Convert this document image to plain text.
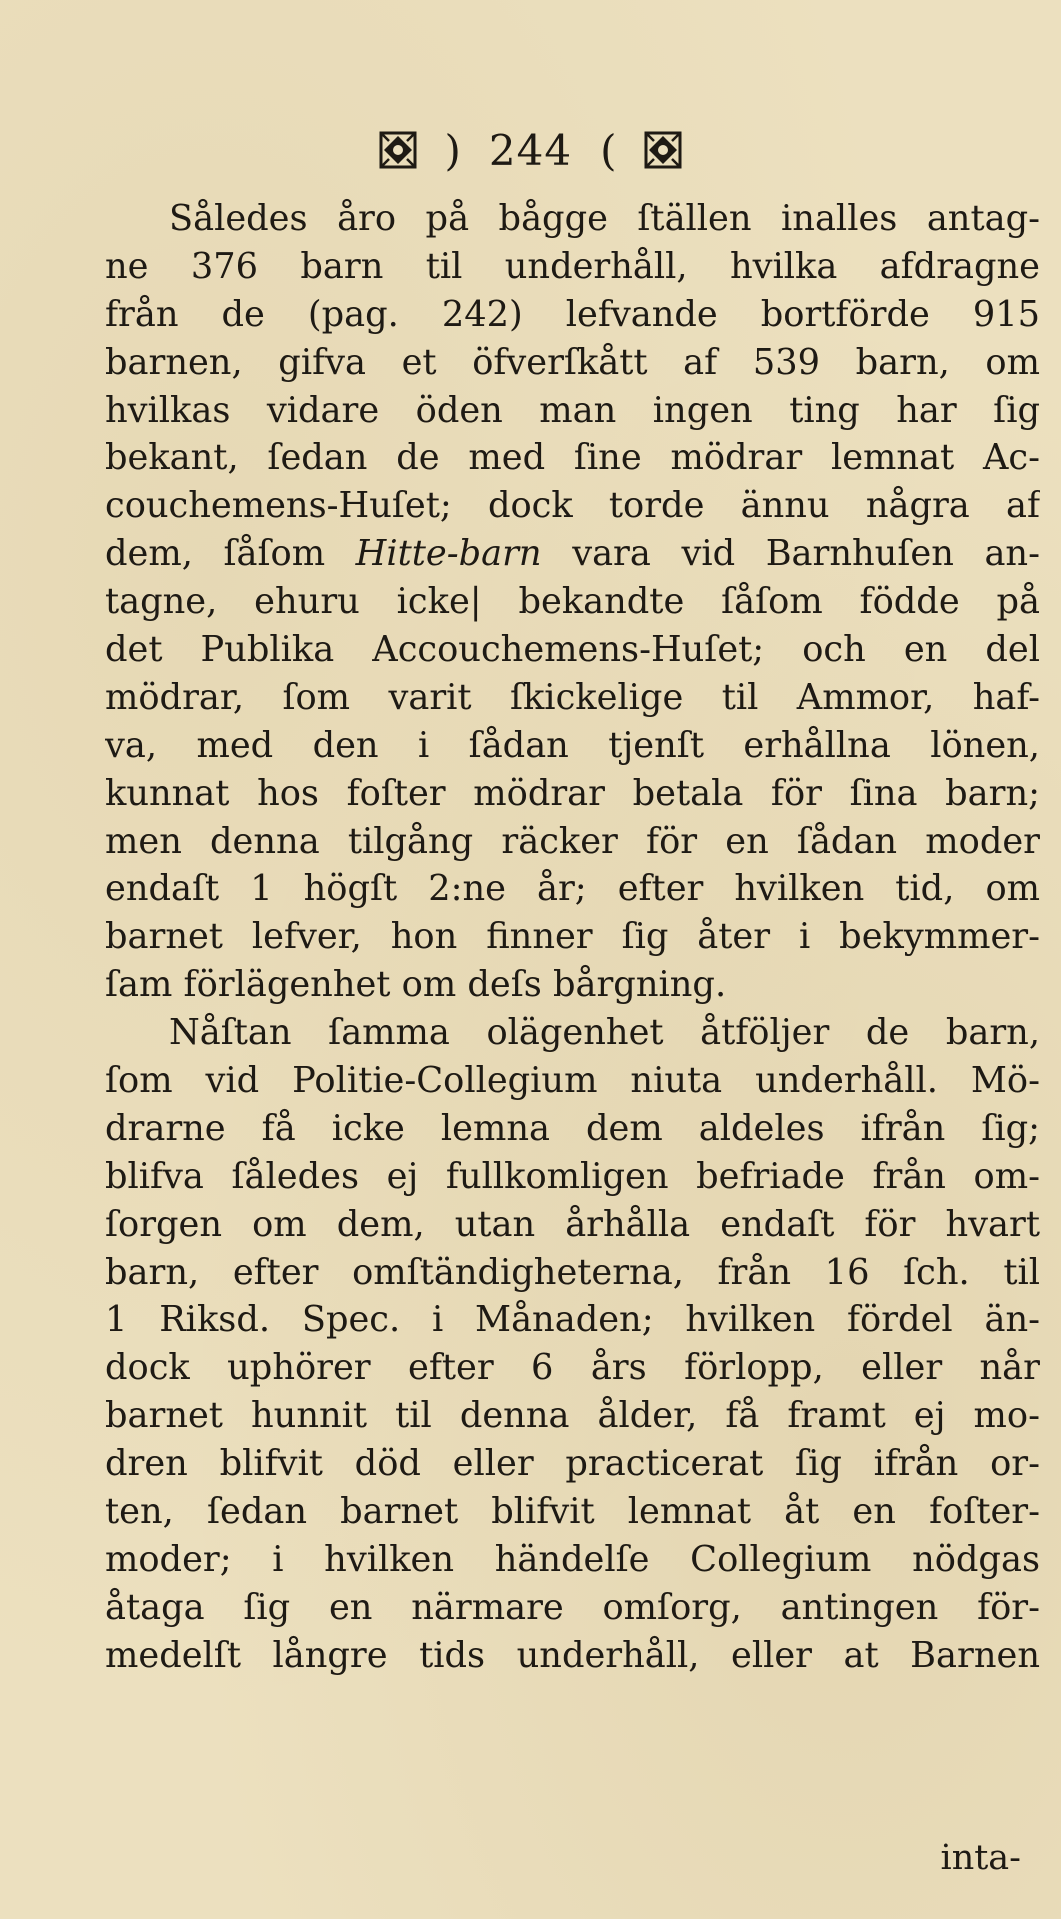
) 244 (
Således åro på bågge ſtällen inalles antag-
ne 376 barn til underhåll, hvilka afdragne
från de (pag. 242) lefvande bortförde 915
barnen, gifva et öfverſkått af 539 barn, om
hvilkas vidare öden man ingen ting har ſig
bekant, ſedan de med ſine mödrar lemnat Ac-
couchemens-Huſet; dock torde ännu några af
dem, ſåſom Hitte-barn vara vid Barnhuſen an-
tagne, ehuru icke| bekandte ſåſom födde på
det Publika Accouchemens-Huſet; och en del
mödrar, ſom varit ſkickelige til Ammor, haf-
va, med den i ſådan tjenſt erhållna lönen,
kunnat hos foſter mödrar betala för ſina barn;
men denna tilgång räcker för en ſådan moder
endaſt 1 högſt 2:ne år; efter hvilken tid, om
barnet lefver, hon finner ſig åter i bekymmer-
ſam förlägenhet om deſs bårgning.
Nåſtan ſamma olägenhet åtföljer de barn,
ſom vid Politie-Collegium niuta underhåll. Mö-
drarne få icke lemna dem aldeles ifrån ſig;
blifva ſåledes ej fullkomligen befriade från om-
ſorgen om dem, utan århålla endaſt för hvart
barn, efter omſtändigheterna, från 16 ſch. til
1 Riksd. Spec. i Månaden; hvilken fördel än-
dock uphörer efter 6 års förlopp, eller når
barnet hunnit til denna ålder, få framt ej mo-
dren blifvit död eller practicerat ſig ifrån or-
ten, ſedan barnet blifvit lemnat åt en foſter-
moder; i hvilken händelſe Collegium nödgas
åtaga ſig en närmare omſorg, antingen för-
medelſt långre tids underhåll, eller at Barnen
inta-
